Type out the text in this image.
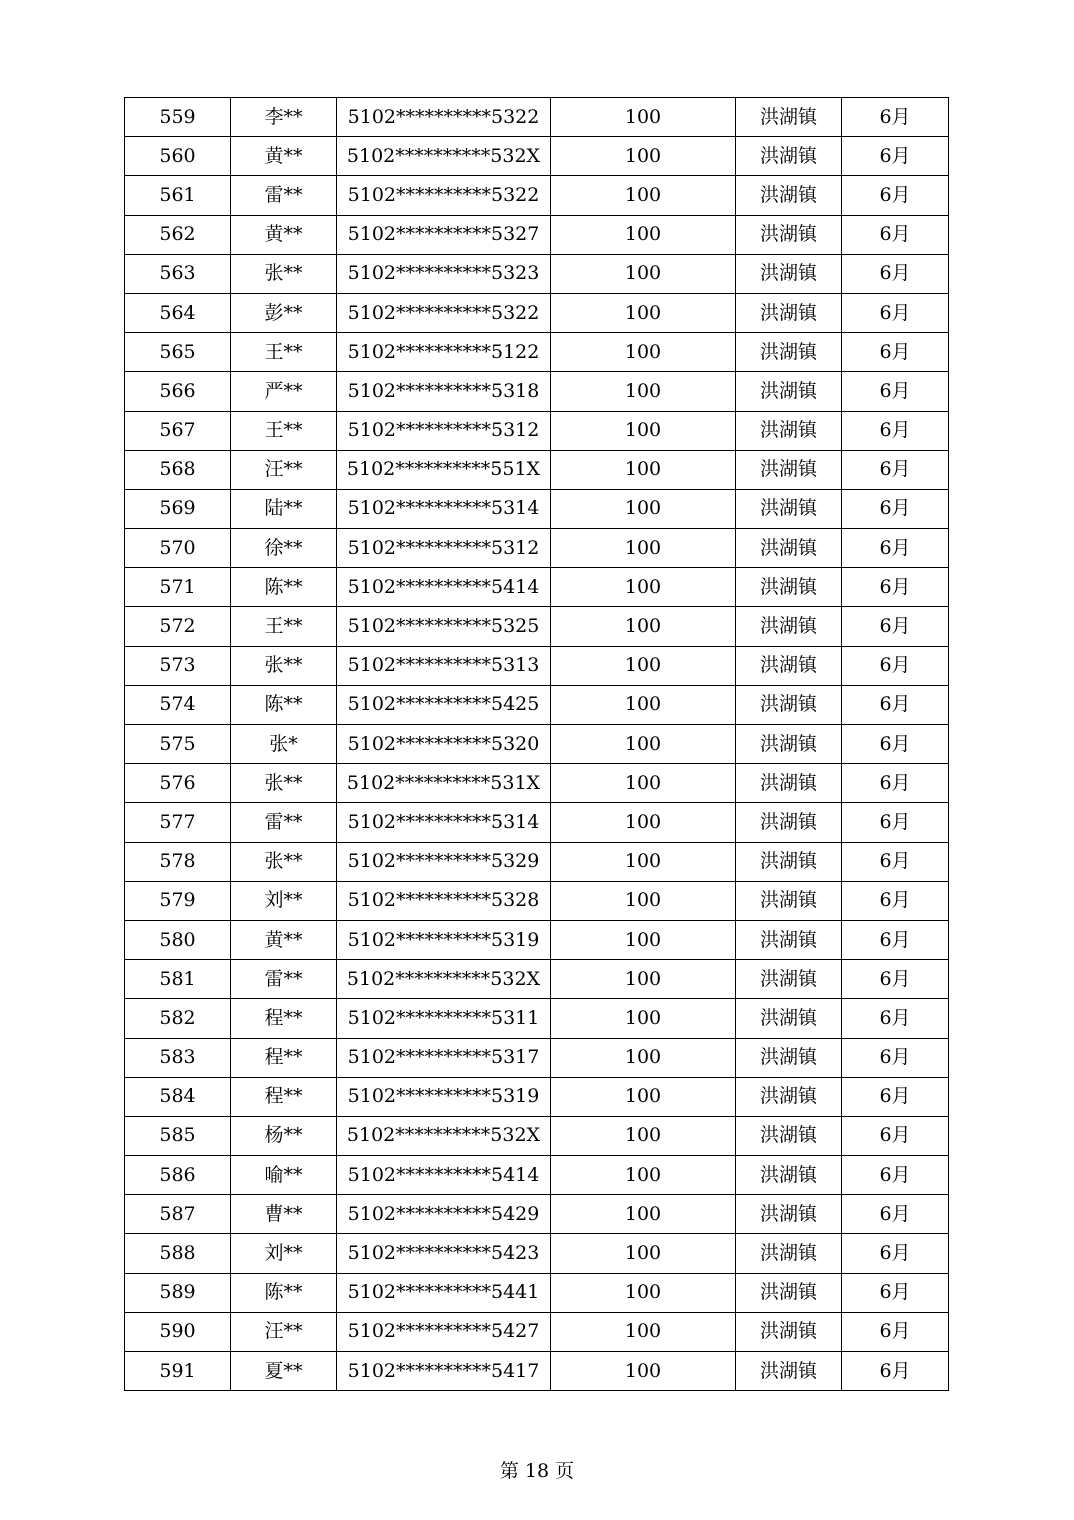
559	李**	5102**********5322	100	洪湖镇	6月
560	黄**	5102**********532X	100	洪湖镇	6月
561	雷**	5102**********5322	100	洪湖镇	6月
562	黄**	5102**********5327	100	洪湖镇	6月
563	张**	5102**********5323	100	洪湖镇	6月
564	彭**	5102**********5322	100	洪湖镇	6月
565	王**	5102**********5122	100	洪湖镇	6月
566	严**	5102**********5318	100	洪湖镇	6月
567	王**	5102**********5312	100	洪湖镇	6月
568	汪**	5102**********551X	100	洪湖镇	6月
569	陆**	5102**********5314	100	洪湖镇	6月
570	徐**	5102**********5312	100	洪湖镇	6月
571	陈**	5102**********5414	100	洪湖镇	6月
572	王**	5102**********5325	100	洪湖镇	6月
573	张**	5102**********5313	100	洪湖镇	6月
574	陈**	5102**********5425	100	洪湖镇	6月
575	张*	5102**********5320	100	洪湖镇	6月
576	张**	5102**********531X	100	洪湖镇	6月
577	雷**	5102**********5314	100	洪湖镇	6月
578	张**	5102**********5329	100	洪湖镇	6月
579	刘**	5102**********5328	100	洪湖镇	6月
580	黄**	5102**********5319	100	洪湖镇	6月
581	雷**	5102**********532X	100	洪湖镇	6月
582	程**	5102**********5311	100	洪湖镇	6月
583	程**	5102**********5317	100	洪湖镇	6月
584	程**	5102**********5319	100	洪湖镇	6月
585	杨**	5102**********532X	100	洪湖镇	6月
586	喻**	5102**********5414	100	洪湖镇	6月
587	曹**	5102**********5429	100	洪湖镇	6月
588	刘**	5102**********5423	100	洪湖镇	6月
589	陈**	5102**********5441	100	洪湖镇	6月
590	汪**	5102**********5427	100	洪湖镇	6月
591	夏**	5102**********5417	100	洪湖镇	6月
第 18 页
